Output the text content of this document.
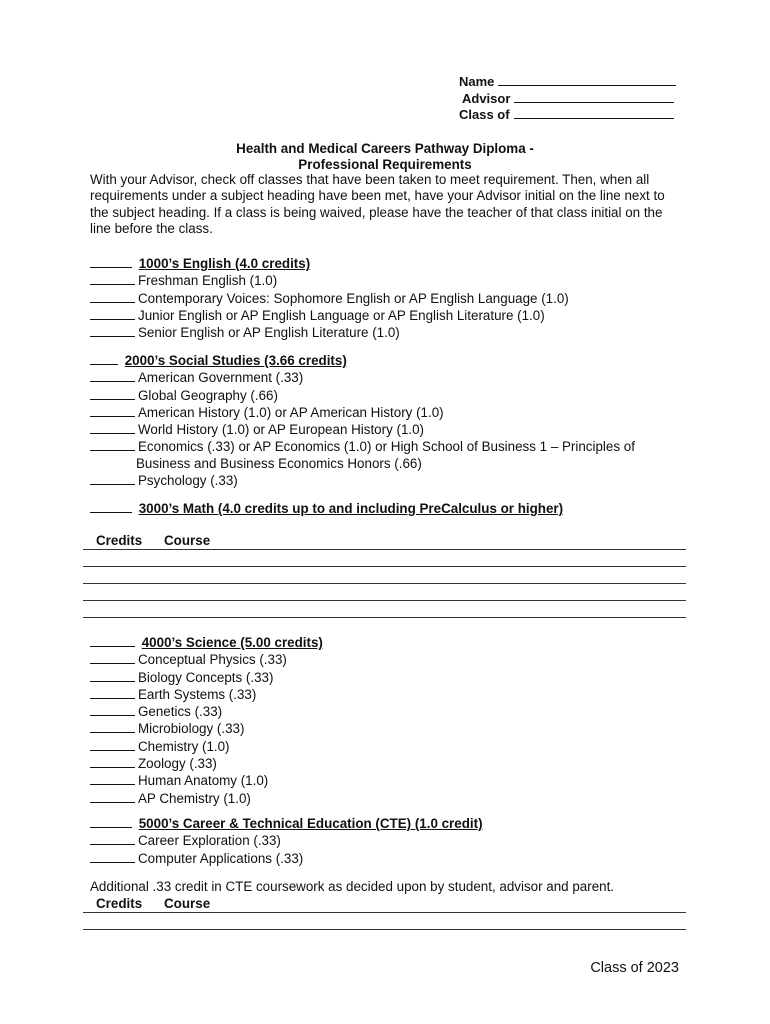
Name
Advisor
Class of
Health and Medical Careers Pathway Diploma -
Professional Requirements
With your Advisor, check off classes that have been taken to meet requirement. Then, when all requirements under a subject heading have been met, have your Advisor initial on the line next to the subject heading. If a class is being waived, please have the teacher of that class initial on the line before the class.
1000’s English (4.0 credits)
Freshman English (1.0)
Contemporary Voices: Sophomore English or AP English Language (1.0)
Junior English or AP English Language or AP English Literature (1.0)
Senior English or AP English Literature (1.0)
2000’s Social Studies (3.66 credits)
American Government (.33)
Global Geography (.66)
American History (1.0) or AP American History (1.0)
World History (1.0) or AP European History (1.0)
Economics (.33) or AP Economics (1.0) or High School of Business 1 – Principles of
Business and Business Economics Honors (.66)
Psychology (.33)
3000’s Math (4.0 credits up to and including PreCalculus or higher)
Credits Course
4000’s Science (5.00 credits)
Conceptual Physics (.33)
Biology Concepts (.33)
Earth Systems (.33)
Genetics (.33)
Microbiology (.33)
Chemistry (1.0)
Zoology (.33)
Human Anatomy (1.0)
AP Chemistry (1.0)
5000’s Career & Technical Education (CTE) (1.0 credit)
Career Exploration (.33)
Computer Applications (.33)
Additional .33 credit in CTE coursework as decided upon by student, advisor and parent.
Credits Course
Class of 2023
